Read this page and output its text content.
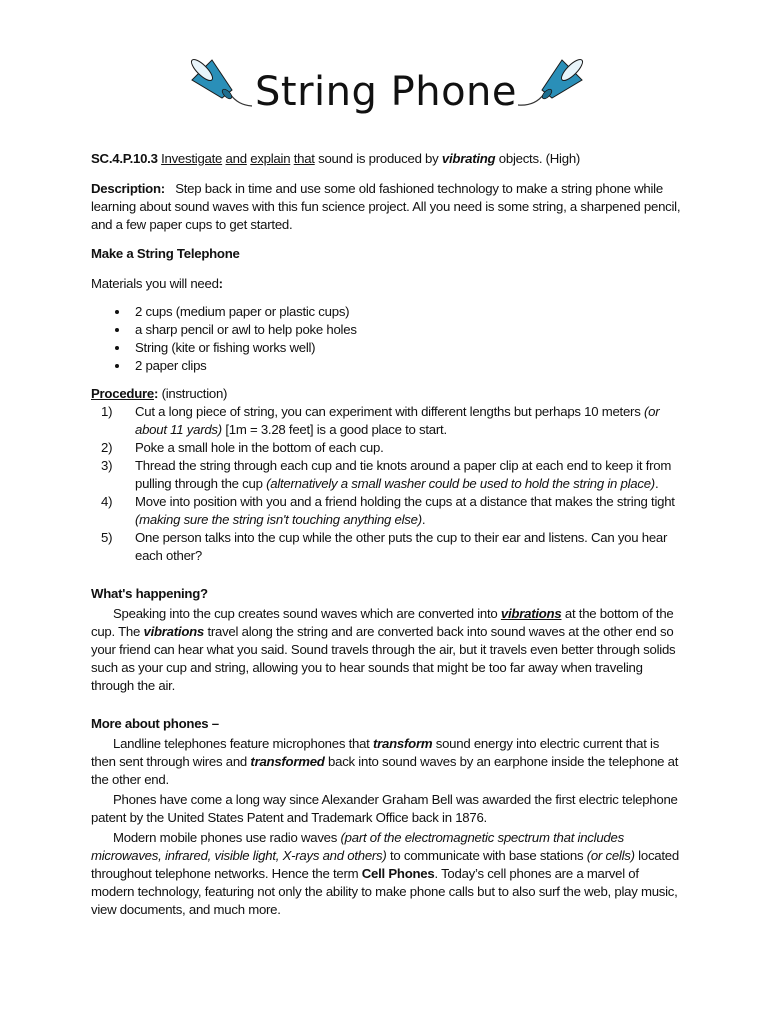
String Phone

SC.4.P.10.3 Investigate and explain that sound is produced by vibrating objects. (High)

Description: Step back in time and use some old fashioned technology to make a string phone while learning about sound waves with this fun science project. All you need is some string, a sharpened pencil, and a few paper cups to get started.

Make a String Telephone

Materials you will need:

2 cups (medium paper or plastic cups)
a sharp pencil or awl to help poke holes
String (kite or fishing works well)
2 paper clips

Procedure: (instruction)

1) Cut a long piece of string, you can experiment with different lengths but perhaps 10 meters (or about 11 yards) [1m = 3.28 feet] is a good place to start.
2) Poke a small hole in the bottom of each cup.
3) Thread the string through each cup and tie knots around a paper clip at each end to keep it from pulling through the cup (alternatively a small washer could be used to hold the string in place).
4) Move into position with you and a friend holding the cups at a distance that makes the string tight (making sure the string isn't touching anything else).
5) One person talks into the cup while the other puts the cup to their ear and listens. Can you hear each other?

What's happening?

Speaking into the cup creates sound waves which are converted into vibrations at the bottom of the cup. The vibrations travel along the string and are converted back into sound waves at the other end so your friend can hear what you said. Sound travels through the air, but it travels even better through solids such as your cup and string, allowing you to hear sounds that might be too far away when traveling through the air.

More about phones –

Landline telephones feature microphones that transform sound energy into electric current that is then sent through wires and transformed back into sound waves by an earphone inside the telephone at the other end.

Phones have come a long way since Alexander Graham Bell was awarded the first electric telephone patent by the United States Patent and Trademark Office back in 1876.

Modern mobile phones use radio waves (part of the electromagnetic spectrum that includes microwaves, infrared, visible light, X-rays and others) to communicate with base stations (or cells) located throughout telephone networks. Hence the term Cell Phones. Today’s cell phones are a marvel of modern technology, featuring not only the ability to make phone calls but to also surf the web, play music, view documents, and much more.
